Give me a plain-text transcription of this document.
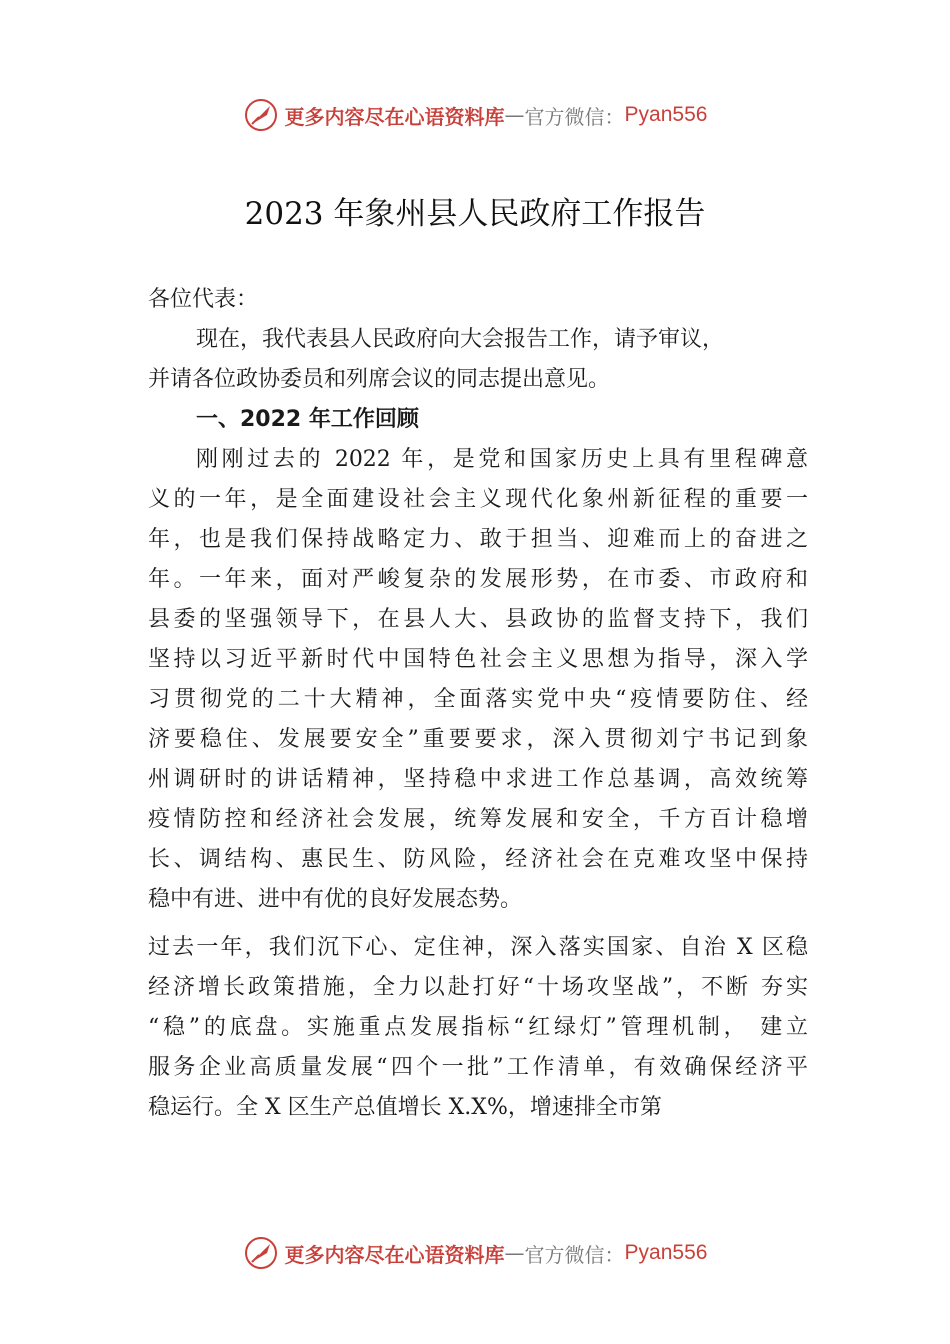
更多内容尽在心语资料库 — 官方微信： Pyan556
2023 年象州县人民政府工作报告
各位代表：
现在，我代表县人民政府向大会报告工作，请予审议，
并请各位政协委员和列席会议的同志提出意见。
一、2022 年工作回顾
刚刚过去的 2022 年，是党和国家历史上具有里程碑意
义的一年，是全面建设社会主义现代化象州新征程的重要一
年，也是我们保持战略定力、敢于担当、迎难而上的奋进之
年。一年来，面对严峻复杂的发展形势，在市委、市政府和
县委的坚强领导下，在县人大、县政协的监督支持下，我们
坚持以习近平新时代中国特色社会主义思想为指导，深入学
习贯彻党的二十大精神，全面落实党中央“疫情要防住、经
济要稳住、发展要安全”重要要求，深入贯彻刘宁书记到象
州调研时的讲话精神，坚持稳中求进工作总基调，高效统筹
疫情防控和经济社会发展，统筹发展和安全，千方百计稳增
长、调结构、惠民生、防风险，经济社会在克难攻坚中保持
稳中有进、进中有优的良好发展态势。
过去一年，我们沉下心、定住神，深入落实国家、自治 X 区稳
经济增长政策措施，全力以赴打好“十场攻坚战”，不断 夯实
“稳”的底盘。实施重点发展指标“红绿灯”管理机制， 建立
服务企业高质量发展“四个一批”工作清单，有效确保经济平
稳运行。全 X 区生产总值增长 X.X%，增速排全市第
更多内容尽在心语资料库 — 官方微信： Pyan556
